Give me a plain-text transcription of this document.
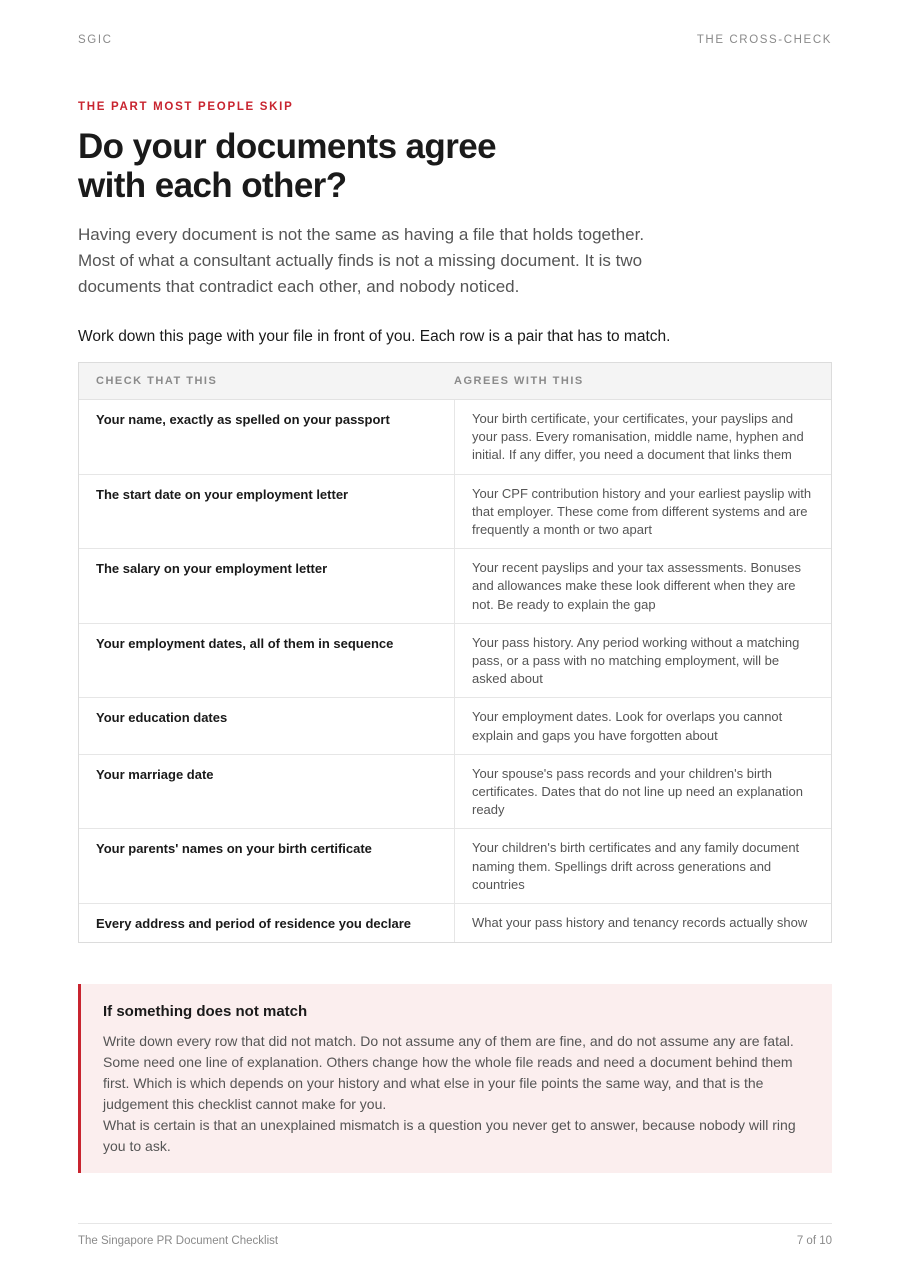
SGIC	THE CROSS-CHECK
THE PART MOST PEOPLE SKIP
Do your documents agree
with each other?
Having every document is not the same as having a file that holds together.
Most of what a consultant actually finds is not a missing document. It is two
documents that contradict each other, and nobody noticed.
Work down this page with your file in front of you. Each row is a pair that has to match.
CHECK THAT THIS	AGREES WITH THIS
Your name, exactly as spelled on your passport	Your birth certificate, your certificates, your payslips and your pass. Every romanisation, middle name, hyphen and initial. If any differ, you need a document that links them
The start date on your employment letter	Your CPF contribution history and your earliest payslip with that employer. These come from different systems and are frequently a month or two apart
The salary on your employment letter	Your recent payslips and your tax assessments. Bonuses and allowances make these look different when they are not. Be ready to explain the gap
Your employment dates, all of them in sequence	Your pass history. Any period working without a matching pass, or a pass with no matching employment, will be asked about
Your education dates	Your employment dates. Look for overlaps you cannot explain and gaps you have forgotten about
Your marriage date	Your spouse's pass records and your children's birth certificates. Dates that do not line up need an explanation ready
Your parents' names on your birth certificate	Your children's birth certificates and any family document naming them. Spellings drift across generations and countries
Every address and period of residence you declare	What your pass history and tenancy records actually show
If something does not match
Write down every row that did not match. Do not assume any of them are fine, and do not assume any are fatal. Some need one line of explanation. Others change how the whole file reads and need a document behind them first. Which is which depends on your history and what else in your file points the same way, and that is the judgement this checklist cannot make for you.
What is certain is that an unexplained mismatch is a question you never get to answer, because nobody will ring you to ask.
The Singapore PR Document Checklist	7 of 10
